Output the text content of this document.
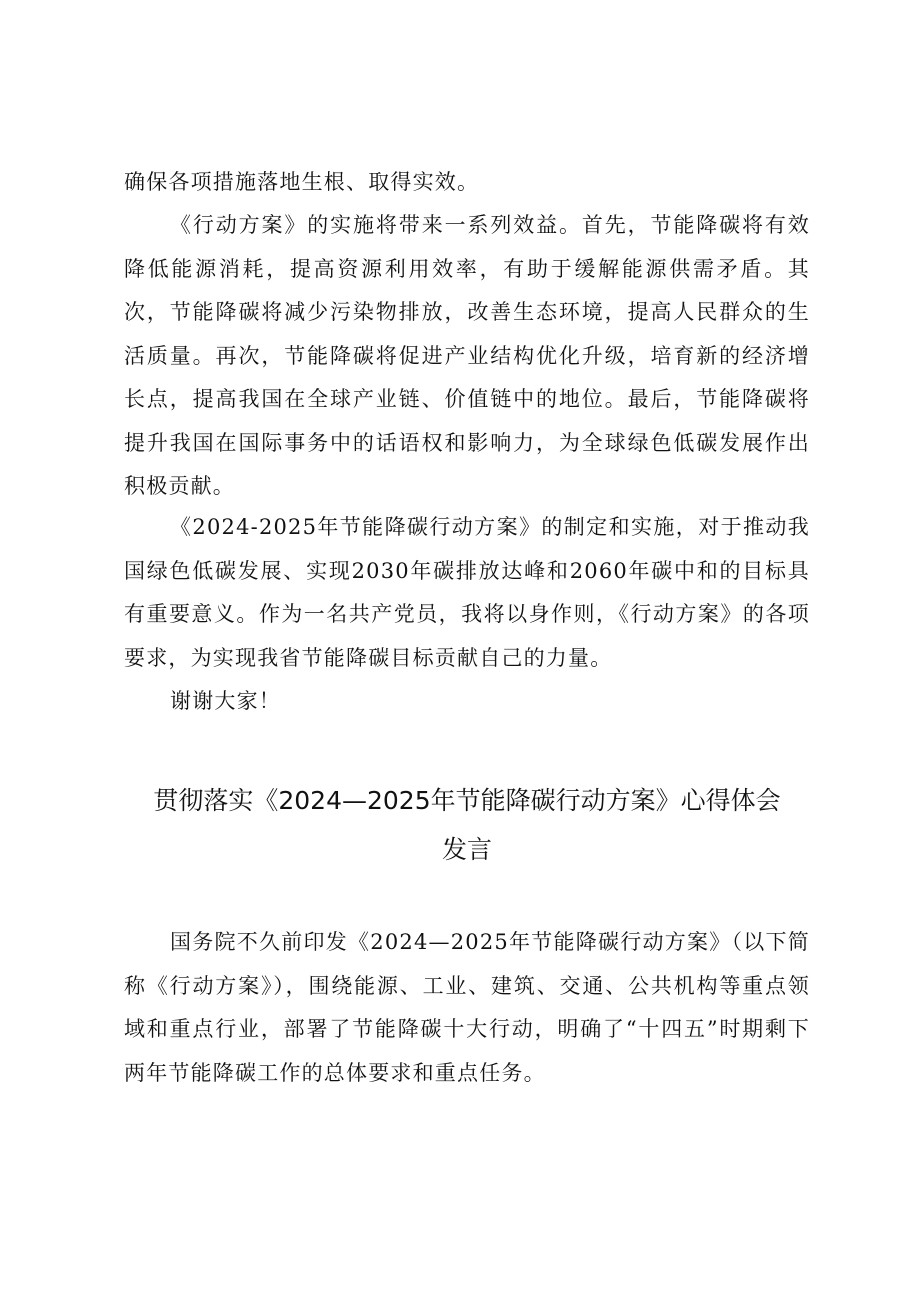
确保各项措施落地生根、取得实效。

《行动方案》的实施将带来一系列效益。首先，节能降碳将有效降低能源消耗，提高资源利用效率，有助于缓解能源供需矛盾。其次，节能降碳将减少污染物排放，改善生态环境，提高人民群众的生活质量。再次，节能降碳将促进产业结构优化升级，培育新的经济增长点，提高我国在全球产业链、价值链中的地位。最后，节能降碳将提升我国在国际事务中的话语权和影响力，为全球绿色低碳发展作出积极贡献。

《2024-2025年节能降碳行动方案》的制定和实施，对于推动我国绿色低碳发展、实现2030年碳排放达峰和2060年碳中和的目标具有重要意义。作为一名共产党员，我将以身作则，《行动方案》的各项要求，为实现我省节能降碳目标贡献自己的力量。

谢谢大家！

贯彻落实《2024—2025年节能降碳行动方案》心得体会
发言

国务院不久前印发《2024—2025年节能降碳行动方案》（以下简称《行动方案》），围绕能源、工业、建筑、交通、公共机构等重点领域和重点行业，部署了节能降碳十大行动，明确了“十四五”时期剩下两年节能降碳工作的总体要求和重点任务。
